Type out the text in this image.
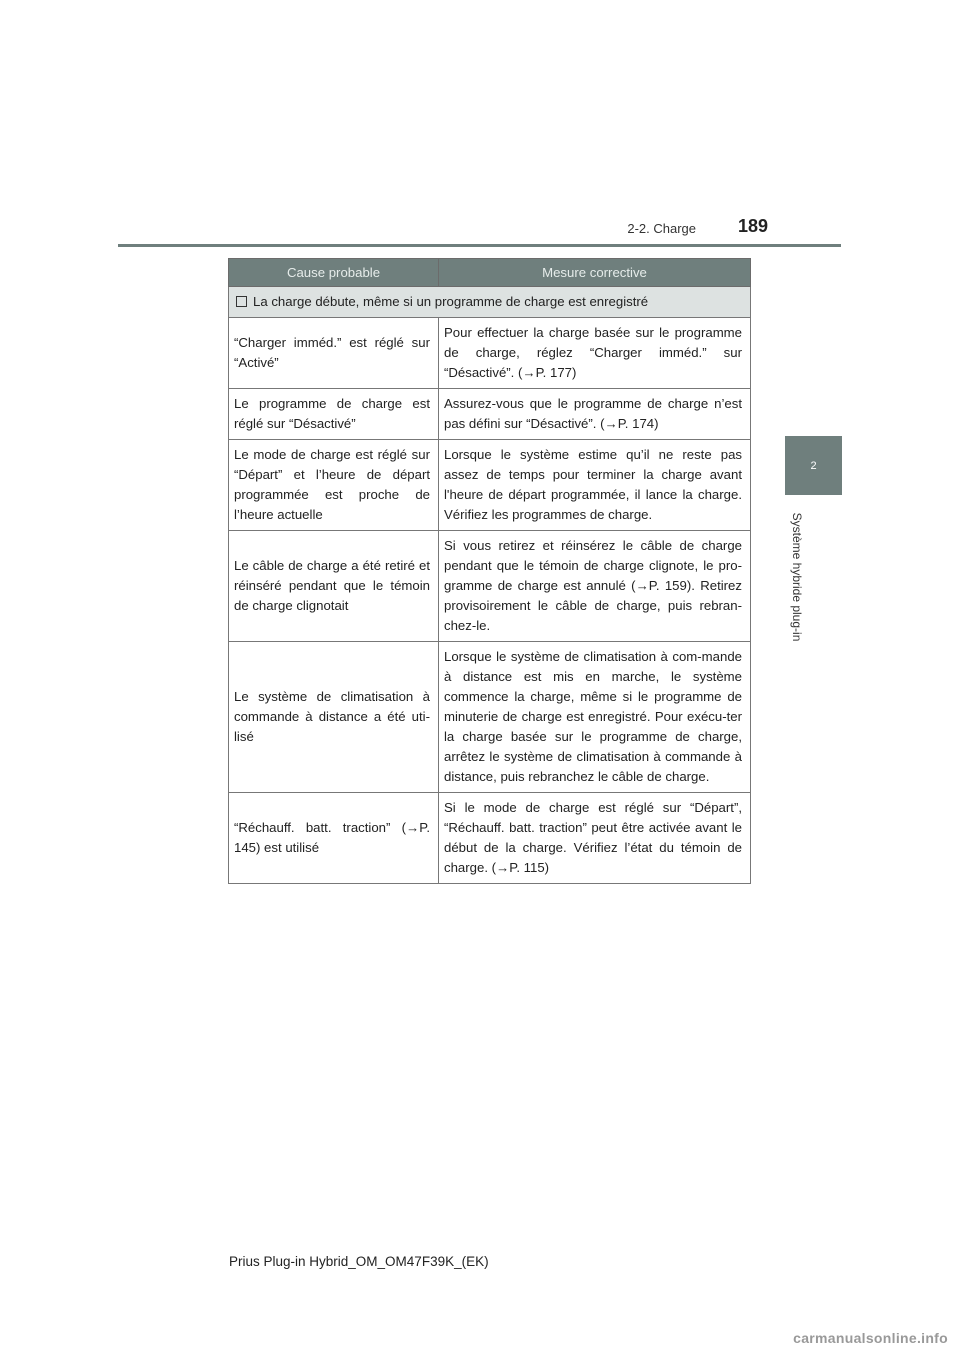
2-2. Charge 189
2
Système hybride plug-in
Cause probable	Mesure corrective
La charge débute, même si un programme de charge est enregistré	
“Charger imméd.” est réglé sur “Activé”	Pour effectuer la charge basée sur le programme de charge, réglez “Charger imméd.” sur “Désactivé”. (→P. 177)
Le programme de charge est réglé sur “Désactivé”	Assurez-vous que le programme de charge n’est pas défini sur “Désactivé”. (→P. 174)
Le mode de charge est réglé sur “Départ” et l’heure de départ programmée est proche de l’heure actuelle	Lorsque le système estime qu’il ne reste pas assez de temps pour terminer la charge avant l'heure de départ programmée, il lance la charge. Vérifiez les programmes de charge.
Le câble de charge a été retiré et réinséré pendant que le témoin de charge clignotait	Si vous retirez et réinsérez le câble de charge pendant que le témoin de charge clignote, le pro-gramme de charge est annulé (→P. 159). Retirez provisoirement le câble de charge, puis rebran-chez-le.
Le système de climatisation à commande à distance a été uti-lisé	Lorsque le système de climatisation à com-mande à distance est mis en marche, le système commence la charge, même si le programme de minuterie de charge est enregistré. Pour exécu-ter la charge basée sur le programme de charge, arrêtez le système de climatisation à commande à distance, puis rebranchez le câble de charge.
“Réchauff. batt. traction” (→P. 145) est utilisé	Si le mode de charge est réglé sur “Départ”, “Réchauff. batt. traction” peut être activée avant le début de la charge. Vérifiez l’état du témoin de charge. (→P. 115)
Prius Plug-in Hybrid_OM_OM47F39K_(EK)
carmanualsonline.info
